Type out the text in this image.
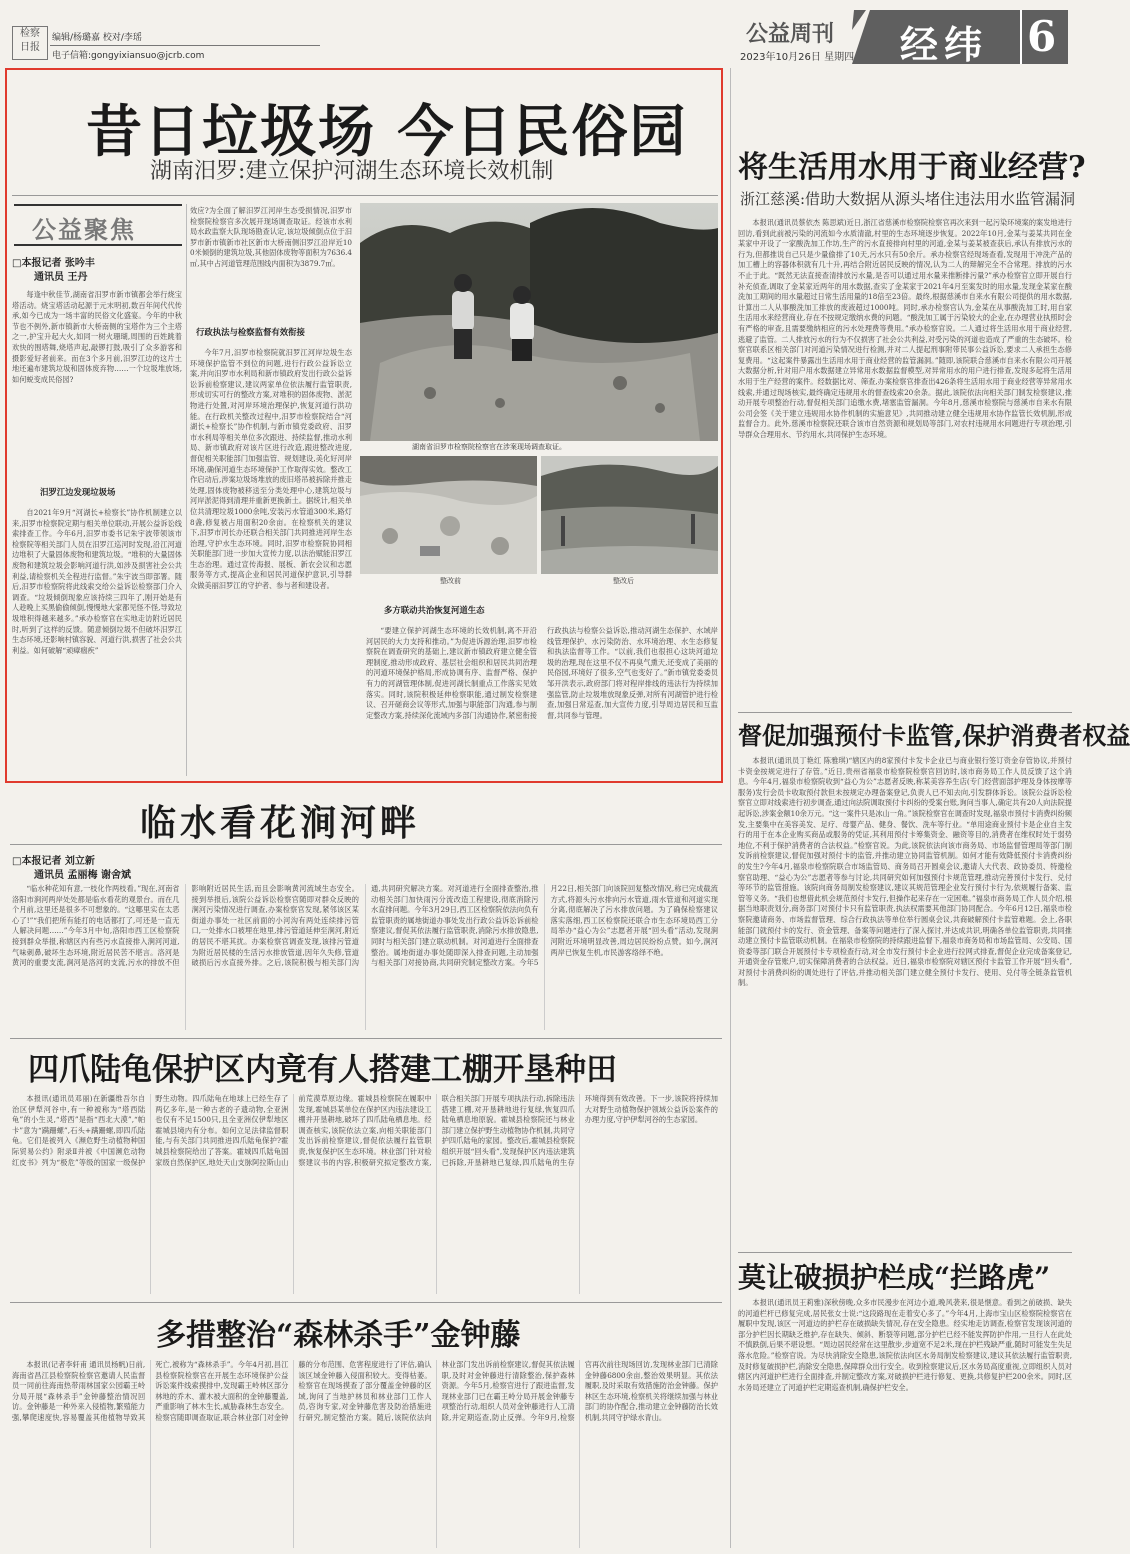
检察
日报
编辑/杨璐嘉 校对/李瑶
电子信箱:gongyixiansuo@jcrb.com
公益周刊
2023年10月26日 星期四 经纬 6
昔日垃圾场 今日民俗园
湖南汨罗:建立保护河湖生态环境长效机制
公益聚焦
□本报记者 张吟丰
通讯员 王丹
每逢中秋佳节,湖南省汨罗市新市镇都会举行烧宝塔活动。烧宝塔活动起源于元末明初,数百年间代代传承,如今已成为一场丰富的民俗文化盛宴。今年的中秋节也不例外,新市镇新市大桥南侧的宝塔作为三个主塔之一,护宝升起大火,如同一树火珊瑚,周围的百姓跳着欢快的围塔舞,烧塔声起,敲锣打鼓,吸引了众多游客和摄影爱好者前来。而在3个多月前,汨罗江边的这片土地还遍布建筑垃圾和固体废弃物……一个垃圾堆放场,如何蜕变成民俗园?
汨罗江边发现垃圾场
自2021年9月“河湖长+检察长”协作机制建立以来,汨罗市检察院定期与相关单位联动,开展公益诉讼线索排查工作。今年6月,汨罗市委书记朱宇波带领该市检察院等相关部门人员在汨罗江巡河时发现,沿江河道边堆积了大量固体废物和建筑垃圾。“堆积的大量固体废物和建筑垃圾会影响河道行洪,如涉及损害社会公共利益,请检察机关全程进行监督。”朱宇波当即部署。随后,汨罗市检察院将此线索交给公益诉讼检察部门介入调查。“垃圾倾倒现象应该持续三四年了,刚开始是有人趁晚上买黑偷偷倾倒,慢慢地大家都见怪不怪,导致垃圾堆积得越来越多。”承办检察官在实地走访附近居民时,听到了这样的反馈。随意倾倒垃圾不但破坏汨罗江生态环境,还影响村镇容貌、河道行洪,损害了社会公共利益。如何破解“顽瘴痼疾”
效应?为全面了解汨罗江河岸生态受损情况,汨罗市检察院检察官多次展开现场调查取证。经该市水利局水政监察大队现场勘查认定,该垃圾倾倒点位于汨罗市新市镇新市社区新市大桥南侧汨罗江沿岸近100米倾倒的建筑垃圾,其他固体废物等面积为7636.4㎡,其中占河道管理范围线内面积为3879.7㎡。
行政执法与检察监督有效衔接
今年7月,汨罗市检察院就汨罗江河岸垃圾生态环境保护监管不到位的问题,进行行政公益诉讼立案,并向汨罗市水利局和新市镇政府发出行政公益诉讼诉前检察建议,建议两家单位依法履行监管职责,形成切实可行的整改方案,对堆积的固体废物、淤泥物进行处置,对河岸环境治理保护,恢复河道行洪功能。在行政机关整改过程中,汨罗市检察院结合“河湖长+检察长”协作机制,与新市镇党委政府、汨罗市水利局等相关单位多次跟进、持续监督,推动水利局、新市镇政府对该片区进行改造,跟进整改进度,督促相关职能部门加强监管、规划建设,美化好河岸环境,确保河道生态环境保护工作取得实效。整改工作启动后,涉案垃圾场堆放的废旧塔吊被拆除并推走处理,固体废物被移送至分类处理中心,建筑垃圾与河岸淤泥得到清理并重新更换新土。据统计,相关单位共清理垃圾1000余吨,安装污水管道300米,路灯8盏,修复被占用面积20余亩。在检察机关的建议下,汨罗市河长办还联合相关部门共同推进河岸生态治理,守护水生态环境。同时,汨罗市检察院协同相关职能部门进一步加大宣传力度,以法治赋能汨罗江生态治理。通过宣传海报、展板、新农会议和志愿服务等方式,提高企业和居民河道保护意识,引导群众做美丽汨罗江的守护者、参与者和建设者。
湖南省汨罗市检察院检察官在涉案现场调查取证。
整改前	整改后
多方联动共治恢复河道生态
“要建立保护河湖生态环境的长效机制,离不开沿河居民的大力支持和推动。”为促进诉源治理,汨罗市检察院在调查研究的基础上,建议新市镇政府建立健全管理制度,推动形成政府、基层社会组织和居民共同治理的河道环境保护格局,形成协调有序、监督严格、保护有力的河湖管理体制,促进河湖长制重点工作落实见效落实。同时,该院积极延伸检察职能,通过制发检察建议、召开磋商会议等形式,加强与职能部门沟通,参与制定整改方案,持续深化流域内多部门沟通协作,紧密衔接行政执法与检察公益诉讼,推动河湖生态保护、水域岸线管理保护、水污染防治、水环境治理、水生态修复和执法监督等工作。“以前,我们也很担心这块河道垃圾的治理,现在这里不仅不再臭气熏天,还变成了美丽的民俗园,环境好了很多,空气也变好了。”新市镇党委委员邹开洪表示,政府部门将对程岸排线的违法行为持续加强监管,防止垃圾堆放现象反弹,对所有河湖管护进行检查,加强日常巡查,加大宣传力度,引导周边居民和互监督,共同参与管理。
将生活用水用于商业经营?
浙江慈溪:借助大数据从源头堵住违法用水监管漏洞
本报讯(通讯员蔡依杰 陈思斌)近日,浙江省慈溪市检察院检察官再次来到一起污染环境案的案发地进行回访,看到此前被污染的河流如今水质清澈,村里的生态环境逐步恢复。2022年10月,金某与姜某共同在金某家中开设了一家酸洗加工作坊,生产的污水直接排向村里的河道,金某与姜某被查获后,承认有排放污水的行为,但都推说自己只是少量偷排了10天,污水只有50余斤。承办检察官经现场查看,发现用于冲洗产品的加工槽上的容器体积就有几十升,再结合附近居民反映的情况,认为二人的辩解完全不合常理。排放的污水不止于此。“既然无法直接查清排放污水量,是否可以通过用水量来推断排污量?”承办检察官立即开展自行补充侦查,调取了金某家近两年的用水数据,查实了金某家于2021年4月至案发时的用水量,发现金某家在酸洗加工期间的用水量超过日常生活用量的18倍至23倍。最终,根据慈溪市自来水有限公司提供的用水数据,计算出二人从事酸洗加工排放的废液超过1000吨。同时,承办检察官认为,金某在从事酸洗加工时,用自家生活用水来经营商业,存在不按规定缴纳水费的问题。“酸洗加工属于污染较大的企业,在办理营业执照时会有严格的审查,且需要缴纳相应的污水处理费等费用。”承办检察官说。二人通过将生活用水用于商业经营,逃避了监管。二人排放污水的行为不仅损害了社会公共利益,对受污染的河道也造成了严重的生态破坏。检察官联系区相关部门对河道污染情况进行检测,并对二人提起刑事附带民事公益诉讼,要求二人承担生态修复费用。“这起案件暴露出生活用水用于商业经营的监管漏洞。”随即,该院联合慈溪市自来水有限公司开展大数据分析,针对用户用水数据建立异常用水数据监督模型,对异常用水的用户进行排查,发现多起将生活用水用于生产经营的案件。经数据比对、筛查,办案检察官排查出426条将生活用水用于商业经营等异常用水线索,并通过现场核实,最终确定违规用水的督查线索20余条。据此,该院依法向相关部门制发检察建议,推动开展专项整治行动,督促相关部门追缴水费,堵塞监管漏洞。今年8月,慈溪市检察院与慈溪市自来水有限公司会签《关于建立违规用水协作机制的实施意见》,共同推动建立健全违规用水协作监管长效机制,形成监督合力。此外,慈溪市检察院还联合该市自然资源和规划局等部门,对农村违规用水问题进行专项治理,引导群众合理用水、节约用水,共同保护生态环境。
督促加强预付卡监管,保护消费者权益
本报讯(通讯员丁艳红 陈雅琪)“辖区内的8家预付卡发卡企业已与商业银行签订资金存管协议,并预付卡资金按规定进行了存管。”近日,贵州省福泉市检察院检察官回访时,该市商务局工作人员反馈了这个消息。今年4月,福泉市检察院收到“益心为公”志愿者反映,称某美容养生店(专门经营面部护理及身体按摩等服务)发行会员卡收取预付款但未按规定办理备案登记,负责人已不知去向,引发群体诉讼。该院公益诉讼检察官立即对线索进行初步调查,通过向法院调取预付卡纠纷的受案台账,询问当事人,确定共有20人向法院提起诉讼,涉案金额10余万元。“这一案件只是冰山一角。”该院检察官在调查时发现,福泉市预付卡消费纠纷频发,主要集中在美容美发、足疗、母婴产品、健身、餐饮、洗车等行业。“单用途商业预付卡是企业自主发行的用于在本企业购买商品或服务的凭证,其利用预付卡筹集资金、融资等目的,消费者在维权时处于弱势地位,不利于保护消费者的合法权益。”检察官说。为此,该院依法向该市商务局、市场监督管理局等部门制发诉前检察建议,督促加强对预付卡的监管,并推动建立协同监管机制。如何才能有效降低预付卡消费纠纷的发生?今年4月,福泉市检察院联合市场监管局、商务局召开圆桌会议,邀请人大代表、政协委员、特邀检察官助理、“益心为公”志愿者等参与讨论,共同研究如何加强预付卡规范管理,推动完善预付卡发行、兑付等环节的监管措施。该院向商务局制发检察建议,建议其规范管理企业发行预付卡行为,依规履行备案、监管等义务。“我们也想借此机会规范预付卡发行,但操作起来存在一定困难。”福泉市商务局工作人员介绍,根据当地职责划分,商务部门对预付卡只有监管职责,执法权需要其他部门协同配合。今年6月12日,福泉市检察院邀请商务、市场监督管理、综合行政执法等单位举行圆桌会议,共商破解预付卡监管难题。会上,各职能部门就预付卡的发行、资金管理、备案等问题进行了深入探讨,并达成共识,明确各单位监管职责,共同推动建立预付卡监管联动机制。在福泉市检察院的持续跟进监督下,福泉市商务局和市场监管局、公安局、国资委等部门联合开展预付卡专项检查行动,对全市发行预付卡企业进行拉网式排查,督促企业完成备案登记,开通资金存管账户,切实保障消费者的合法权益。近日,福泉市检察院对辖区预付卡监管工作开展“回头看”,对预付卡消费纠纷的调处进行了评估,并推动相关部门建立健全预付卡发行、使用、兑付等全链条监管机制。
莫让破损护栏成“拦路虎”
本报讯(通讯员王莉雅)深秋傍晚,众多市民漫步在河边小道,晚风袭来,很是惬意。看到之前破损、缺失的河道栏杆已修复完成,居民张女士说:“这段路现在走着安心多了。”今年4月,上海市宝山区检察院检察官在履职中发现,该区一河道边的护栏存在破损缺失情况,存在安全隐患。经实地走访调查,检察官发现该河道的部分护栏因长期缺乏维护,存在缺失、倾斜、断裂等问题,部分护栏已经不能发挥防护作用,一旦行人在此处不慎跌倒,后果不堪设想。“周边居民经常在这里散步,步道宽不足2米,现在护栏残缺严重,随时可能发生失足落水危险。”检察官说。为尽快消除安全隐患,该院依法向区水务局制发检察建议,建议其依法履行监管职责,及时修复破损护栏,消除安全隐患,保障群众出行安全。收到检察建议后,区水务局高度重视,立即组织人员对辖区内河道护栏进行全面排查,并制定整改方案,对破损护栏进行修复、更换,共修复护栏200余米。同时,区水务局还建立了河道护栏定期巡查机制,确保护栏安全。
临水看花涧河畔
□本报记者 刘立新
通讯员 孟丽梅 谢舍斌
“临水种花知有意,一枝化作两枝看。”现在,河南省洛阳市涧河两岸处处都是临水看花的观景台。而在几个月前,这里还是很多不可想象的。“这哪里实在太恶心了!”“我们把所有能打的电话都打了,可还是一直无人解决问题……”今年3月中旬,洛阳市西工区检察院接到群众举报,称辖区内有些污水直接排入涧河河道,气味刺鼻,破坏生态环境,附近居民苦不堪言。洛河是黄河的重要支流,涧河是洛河的支流,污水的排放不但影响附近居民生活,而且会影响黄河流域生态安全。接到举报后,该院公益诉讼检察官随即对群众反映的涧河污染情况进行调查,办案检察官发现,紧邻该区某街道办事处一社区前面的小河沟有两处连续排污管口,一处排水口被埋在地里,排污管道延伸至涧河,附近的居民不堪其扰。办案检察官调查发现,该排污管道为附近居民楼的生活污水排放管道,因年久失修,管道破损后污水直接外排。之后,该院积极与相关部门沟通,共同研究解决方案。对河道进行全面排查整治,推动相关部门加快雨污分流改造工程建设,彻底消除污水直排问题。今年3月29日,西工区检察院依法向负有监管职责的属地街道办事处发出行政公益诉讼诉前检察建议,督促其依法履行监管职责,消除污水排放隐患,同时与相关部门建立联动机制。对河道进行全面排查整治。属地街道办事处随即深入排查问题,主动加强与相关部门对接协商,共同研究制定整改方案。今年5月22日,相关部门向该院回复整改情况,称已完成截流方式,将源头污水排向污水管道,雨水管道和河道实现分离,彻底解决了污水排放问题。为了确保检察建议落实落细,西工区检察院还联合市生态环境局西工分局举办“益心为公”志愿者开展“回头看”活动,发现涧河附近环境明显改善,周边居民纷纷点赞。如今,涧河两岸已恢复生机,市民游客络绎不绝。
四爪陆龟保护区内竟有人搭建工棚开垦种田
本报讯(通讯员邓丽)在新疆维吾尔自治区伊犁河谷中,有一种被称为“塔西陆龟”的小生灵,“塔西”是指“西北大漠”,“帕卡”意为“蹒跚螺”,石头+蹒跚螺,即四爪陆龟。它们是被列入《濒危野生动植物种国际贸易公约》附录Ⅱ并被《中国濒危动物红皮书》列为“极危”等级的国家一级保护野生动物。四爪陆龟在地球上已经生存了两亿多年,是一种古老的子遗动物,全亚洲也仅有不足1500只,且全亚洲仅伊犁地区霍城县境内有分布。如何立足法律监督职能,与有关部门共同推进四爪陆龟保护?霍城县检察院给出了答案。霍城四爪陆龟国家级自然保护区,地处天山支脉阿拉斯山山前荒漠草原边缘。霍城县检察院在履职中发现,霍城县某单位在保护区内违法建设工棚并开垦耕地,破坏了四爪陆龟栖息地。经调查核实,该院依法立案,向相关职能部门发出诉前检察建议,督促依法履行监管职责,恢复保护区生态环境。林业部门针对检察建议书的内容,积极研究拟定整改方案,联合相关部门开展专项执法行动,拆除违法搭建工棚,对开垦耕地进行复绿,恢复四爪陆龟栖息地原貌。霍城县检察院还与林业部门建立保护野生动植物协作机制,共同守护四爪陆龟的家园。整改后,霍城县检察院组织开展“回头看”,发现保护区内违法建筑已拆除,开垦耕地已复绿,四爪陆龟的生存环境得到有效改善。下一步,该院将持续加大对野生动植物保护领域公益诉讼案件的办理力度,守护伊犁河谷的生态家园。
多措整治“森林杀手”金钟藤
本报讯(记者李轩甫 通讯员杨帆)日前,海南省昌江县检察院检察官邀请人民监督员一同前往海南热带雨林国家公园霸王岭分局开展“森林杀手”金钟藤整治情况回访。金钟藤是一种外来入侵植物,繁殖能力强,攀爬速度快,容易覆盖其他植物导致其死亡,被称为“森林杀手”。今年4月初,昌江县检察院检察官在开展生态环境保护公益诉讼案件线索摸排中,发现霸王岭林区部分林地的乔木、灌木被大面积的金钟藤覆盖,严重影响了林木生长,威胁森林生态安全。检察官随即调查取证,联合林业部门对金钟藤的分布范围、危害程度进行了评估,确认该区域金钟藤入侵面积较大。变得枯萎。检察官在现场摸查了部分覆盖金钟藤的区域,询问了当地护林员和林业部门工作人员,咨询专家,对金钟藤危害及防治措施进行研究,制定整治方案。随后,该院依法向林业部门发出诉前检察建议,督促其依法履职,及时对金钟藤进行清除整治,保护森林资源。今年5月,检察官进行了跟进监督,发现林业部门已在霸王岭分局开展金钟藤专项整治行动,组织人员对金钟藤进行人工清除,并定期巡查,防止反弹。今年9月,检察官再次前往现场回访,发现林业部门已清除金钟藤6800余亩,整治效果明显。其依法履职,及时采取有效措施防治金钟藤。保护林区生态环境,检察机关将继续加强与林业部门的协作配合,推动建立金钟藤防治长效机制,共同守护绿水青山。
